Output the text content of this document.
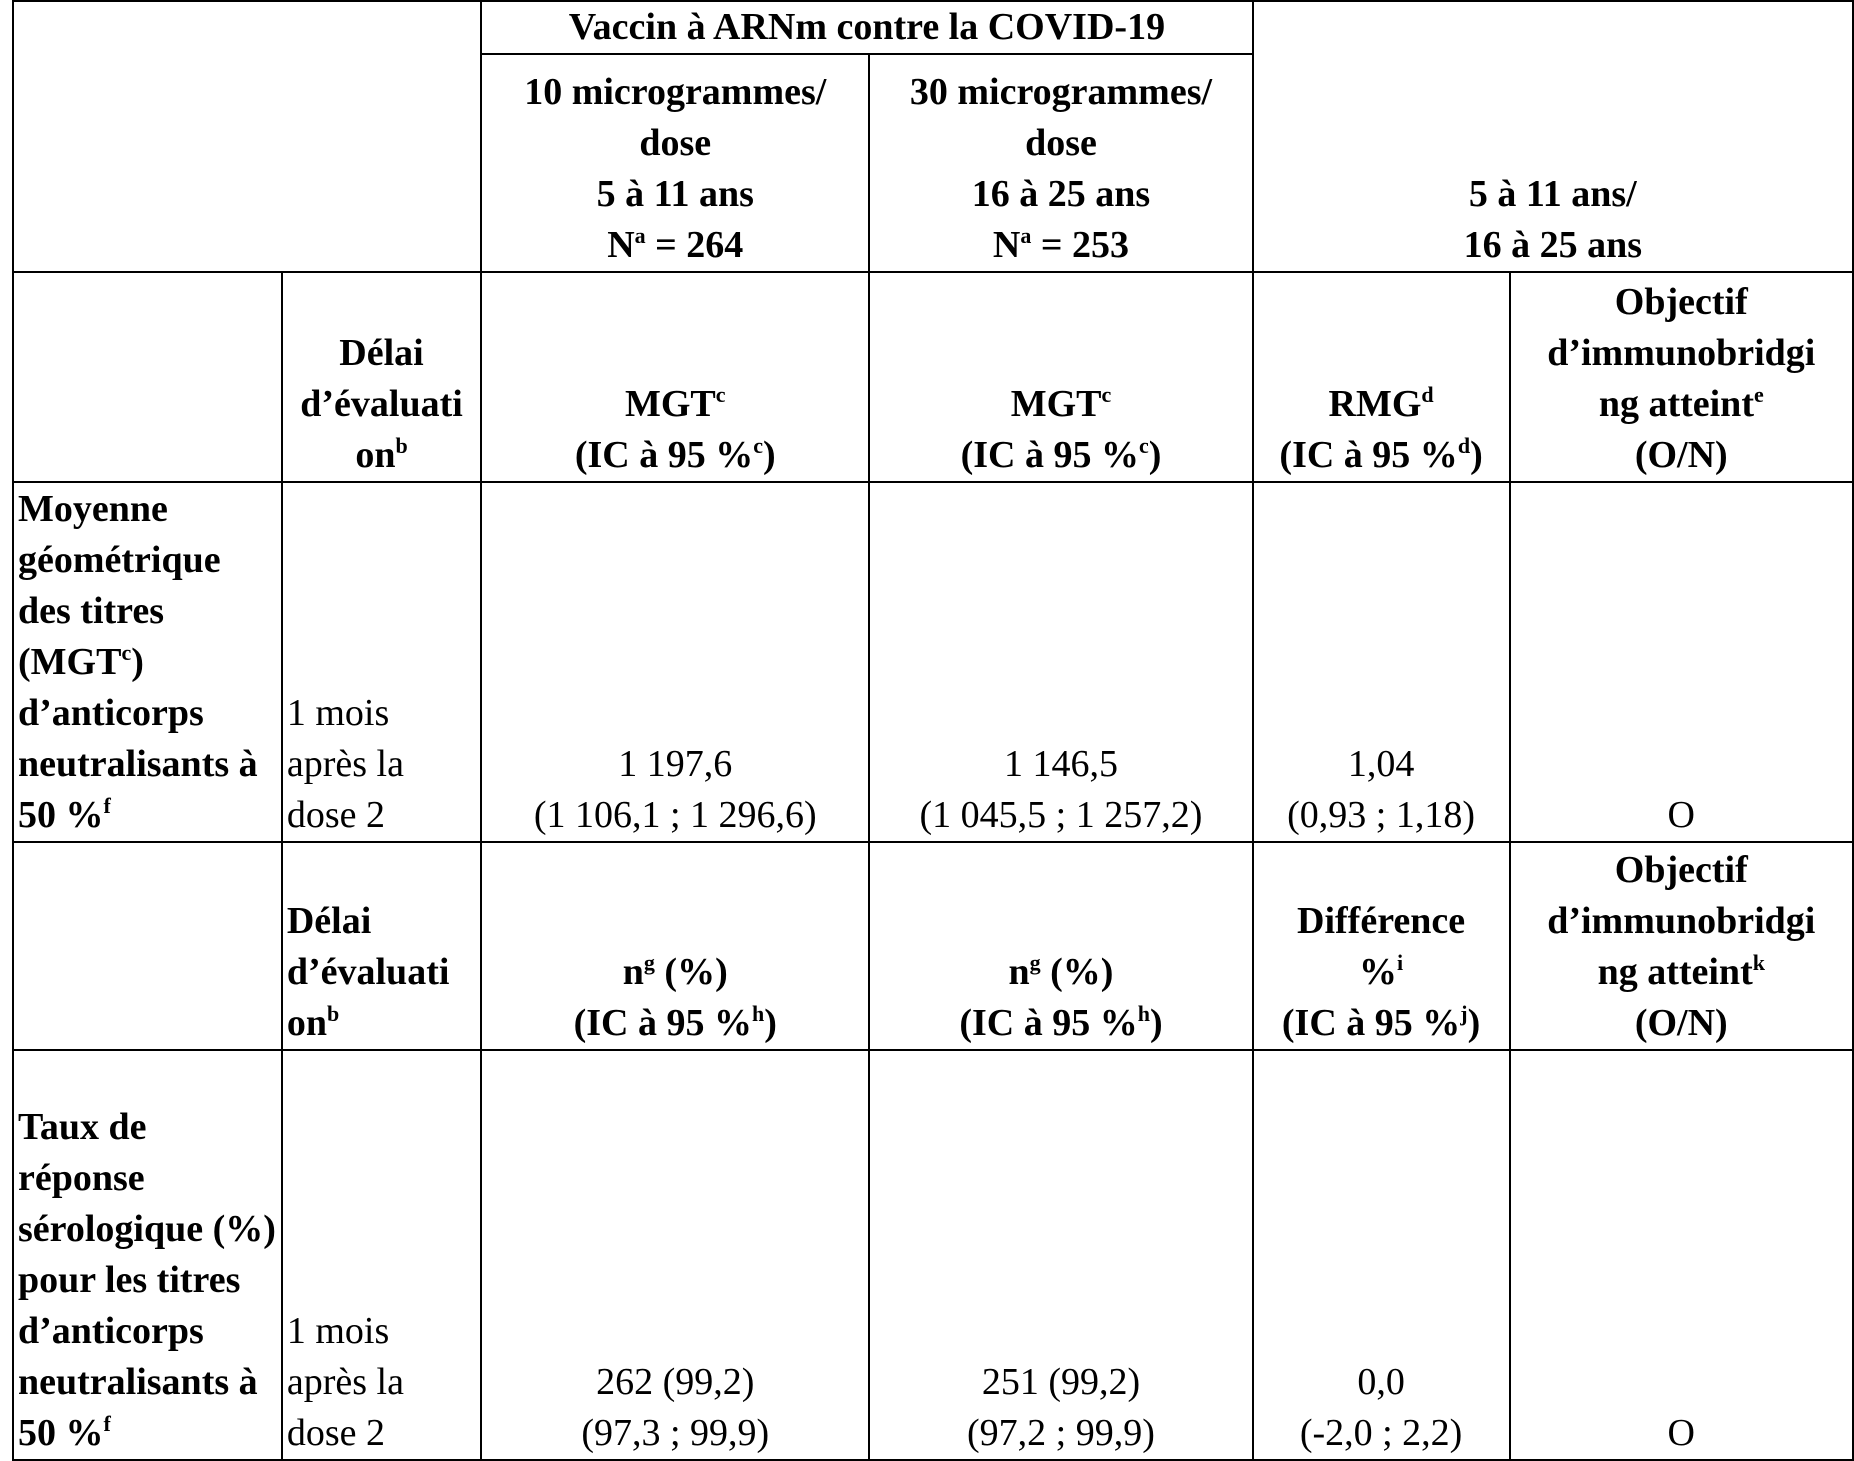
		Vaccin à ARNm contre la COVID-19		5 à 11 ans/
16 à 25 ans	

		10 microgrammes/
dose
5 à 11 ans
$N^a = 264$	30 microgrammes/
dose
16 à 25 ans
$N^a = 253$		

	Délai
d’évaluati
$on^b$	MGT$^c$
(IC à 95 %$^c$)	MGT$^c$
(IC à 95 %$^c$)	RMG$^d$
(IC à 95 %$^d$)	Objectif
d’immunobridgi
ng atteint$^e$
(O/N)

Moyenne géométrique des titres (MGT$^c$) d’anticorps neutralisants à 50 %$^f$	1 mois
après la
dose 2	1 197,6
(1 106,1 ; 1 296,6)	1 146,5
(1 045,5 ; 1 257,2)	1,04
(0,93 ; 1,18)	O

	Délai
d’évaluati
$on^b$	$n^g$ (%)
(IC à 95 %$^h$)	$n^g$ (%)
(IC à 95 %$^h$)	Différence
%$^i$
(IC à 95 %$^j$)	Objectif
d’immunobridgi
ng atteint$^k$
(O/N)

Taux de réponse sérologique (%) pour les titres d’anticorps neutralisants à 50 %$^f$	1 mois
après la
dose 2	262 (99,2)
(97,3 ; 99,9)	251 (99,2)
(97,2 ; 99,9)	0,0
(-2,0 ; 2,2)	O
